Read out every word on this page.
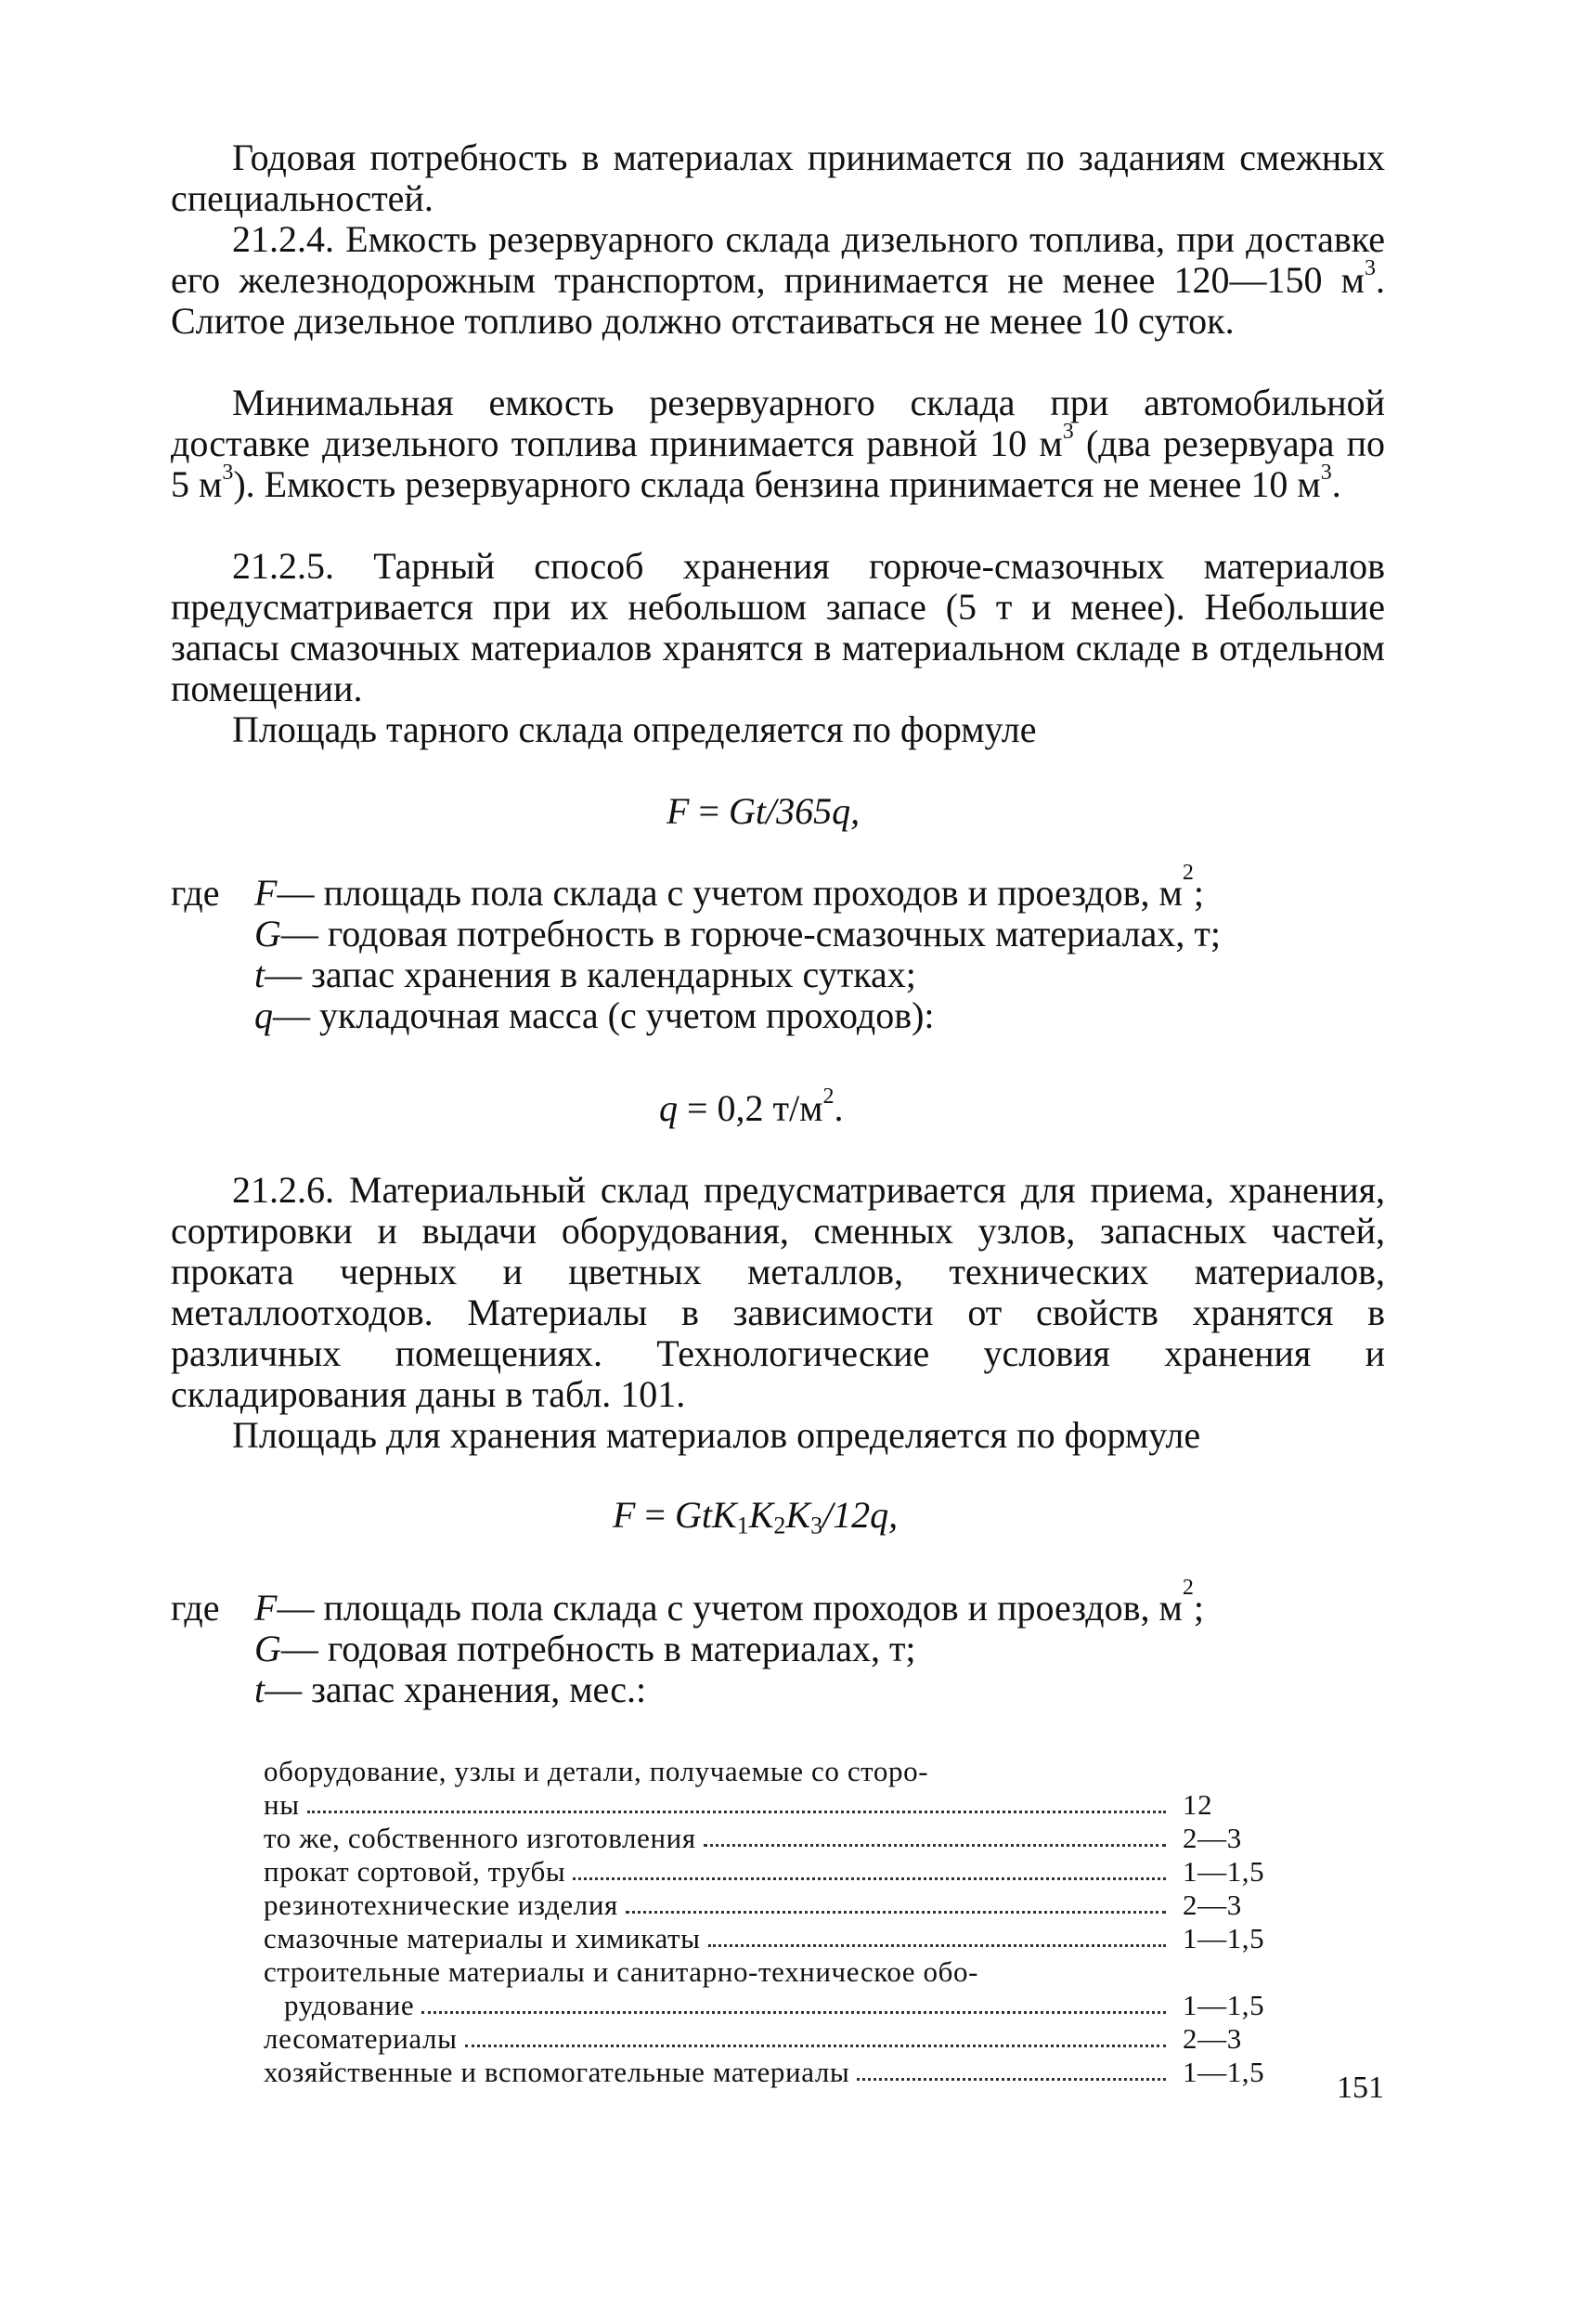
Годовая потребность в материалах принимается по заданиям смежных специальностей.

21.2.4. Емкость резервуарного склада дизельного топлива, при доставке его железнодорожным транспортом, принимается не менее 120—150 $м^3$. Слитое дизельное топливо должно отстаиваться не менее 10 суток.

Минимальная емкость резервуарного склада при автомобильной доставке дизельного топлива принимается равной 10 $м^3$ (два резервуара по 5 $м^3$). Емкость резервуарного склада бензина принимается не менее 10 $м^3$.

21.2.5. Тарный способ хранения горюче-смазочных материалов предусматривается при их небольшом запасе (5 т и менее). Небольшие запасы смазочных материалов хранятся в материальном складе в отдельном помещении.

Площадь тарного склада определяется по формуле

F = Gt/365q,

где F — площадь пола склада с учетом проходов и проездов, м 2 ;
G — годовая потребность в горюче-смазочных материалах, т;
t — запас хранения в календарных сутках;
q — укладочная масса (с учетом проходов):

q = 0,2 $т/м^2$.

21.2.6. Материальный склад предусматривается для приема, хранения, сортировки и выдачи оборудования, сменных узлов, запасных частей, проката черных и цветных металлов, технических материалов, металлоотходов. Материалы в зависимости от свойств хранятся в различных помещениях. Технологические условия хранения и складирования даны в табл. 101.

Площадь для хранения материалов определяется по формуле

$F = GtK_1K_2K_3/12q$,

где F — площадь пола склада с учетом проходов и проездов, м 2 ;
G — годовая потребность в материалах, т;
t — запас хранения, мес.:
оборудование, узлы и детали, получаемые со сторо-
ны	12
то же, собственного изготовления	2—3
прокат сортовой, трубы	1—1,5
резинотехнические изделия	2—3
смазочные материалы и химикаты	1—1,5
строительные материалы и санитарно-техническое обо-
рудование	1—1,5
лесоматериалы	2—3
хозяйственные и вспомогательные материалы	1—1,5	151
